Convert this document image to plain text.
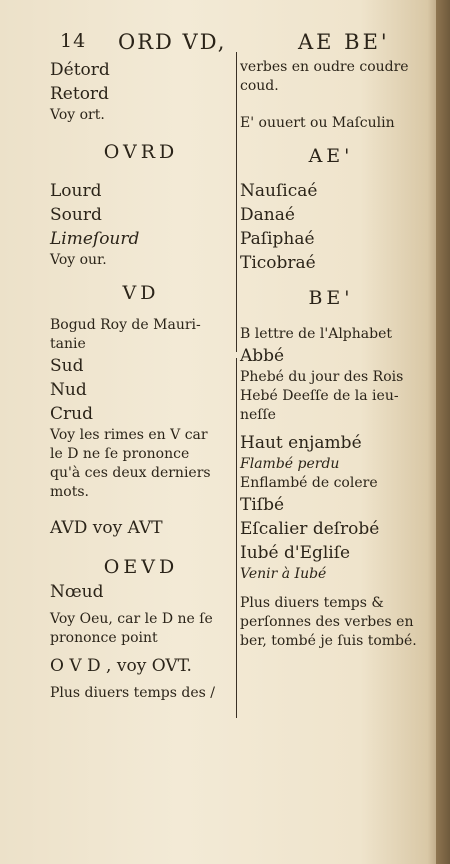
14 ORD VD,	AE BE'
Détord
Retord
Voy ort.
OVRD
Lourd
Sourd
Limeſourd
Voy our.
VD
Bogud Roy de Mauri-
tanie
Sud
Nud
Crud
Voy les rimes en V car
le D ne ſe prononce
qu'à ces deux derniers
mots.
AVD voy AVT
OEVD
Nœud
Voy Oeu, car le D ne ſe
prononce point
O V D , voy OVT.
Plus diuers temps des /
verbes en oudre coudre
coud.
E' ouuert ou Maſculin
AE'
Nauſicaé
Danaé
Paſiphaé
Ticobraé
BE'
B lettre de l'Alphabet
Abbé
Phebé du jour des Rois
Hebé Deeſſe de la ieu-
neſſe
Haut enjambé
Flambé perdu
Enflambé de colere
Tiſbé
Eſcalier deſrobé
Iubé d'Egliſe
Venir à Iubé
Plus diuers temps &
perſonnes des verbes en
ber, tombé je ſuis tombé.
